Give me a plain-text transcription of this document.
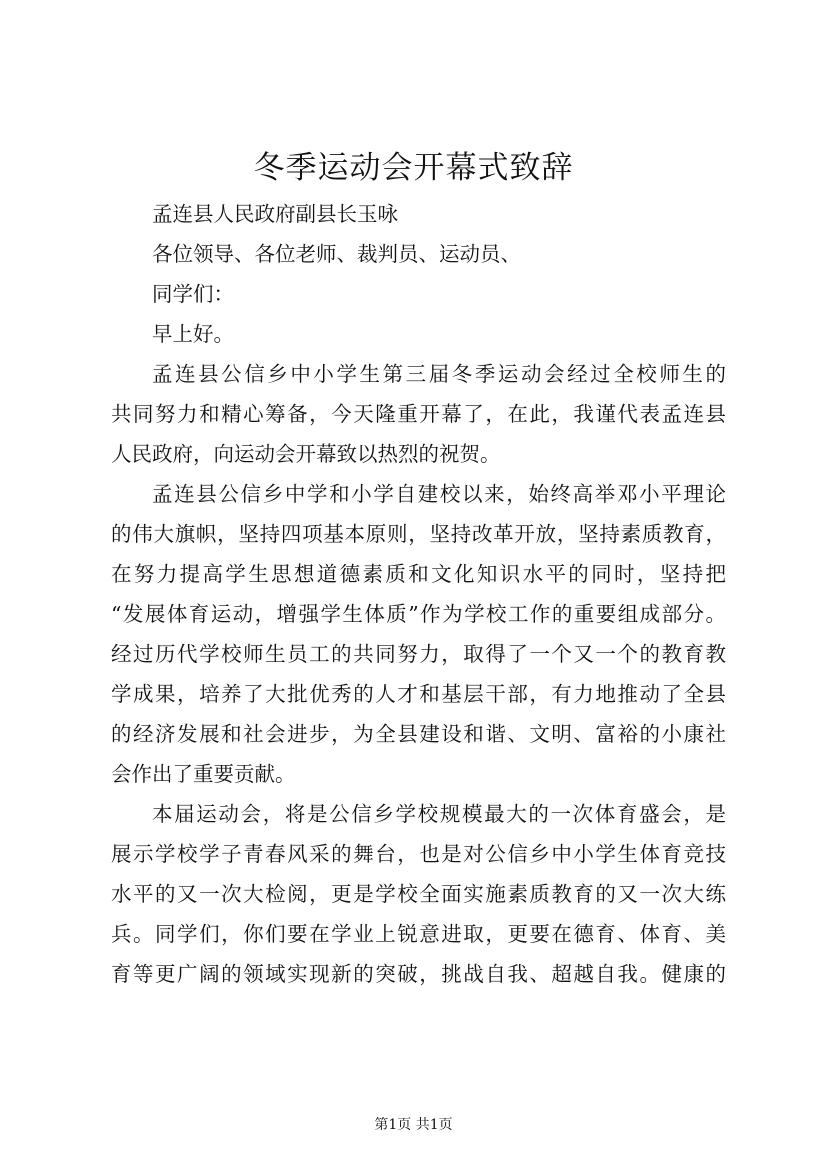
冬季运动会开幕式致辞
孟连县人民政府副县长玉咏
各位领导、各位老师、裁判员、运动员、
同学们：
早上好。
孟连县公信乡中小学生第三届冬季运动会经过全校师生的
共同努力和精心筹备，今天隆重开幕了，在此，我谨代表孟连县
人民政府，向运动会开幕致以热烈的祝贺。
孟连县公信乡中学和小学自建校以来，始终高举邓小平理论
的伟大旗帜，坚持四项基本原则，坚持改革开放，坚持素质教育，
在努力提高学生思想道德素质和文化知识水平的同时，坚持把
“发展体育运动，增强学生体质”作为学校工作的重要组成部分。
经过历代学校师生员工的共同努力，取得了一个又一个的教育教
学成果，培养了大批优秀的人才和基层干部，有力地推动了全县
的经济发展和社会进步，为全县建设和谐、文明、富裕的小康社
会作出了重要贡献。
本届运动会，将是公信乡学校规模最大的一次体育盛会，是
展示学校学子青春风采的舞台，也是对公信乡中小学生体育竞技
水平的又一次大检阅，更是学校全面实施素质教育的又一次大练
兵。同学们，你们要在学业上锐意进取，更要在德育、体育、美
育等更广阔的领域实现新的突破，挑战自我、超越自我。健康的
第1页 共1页
